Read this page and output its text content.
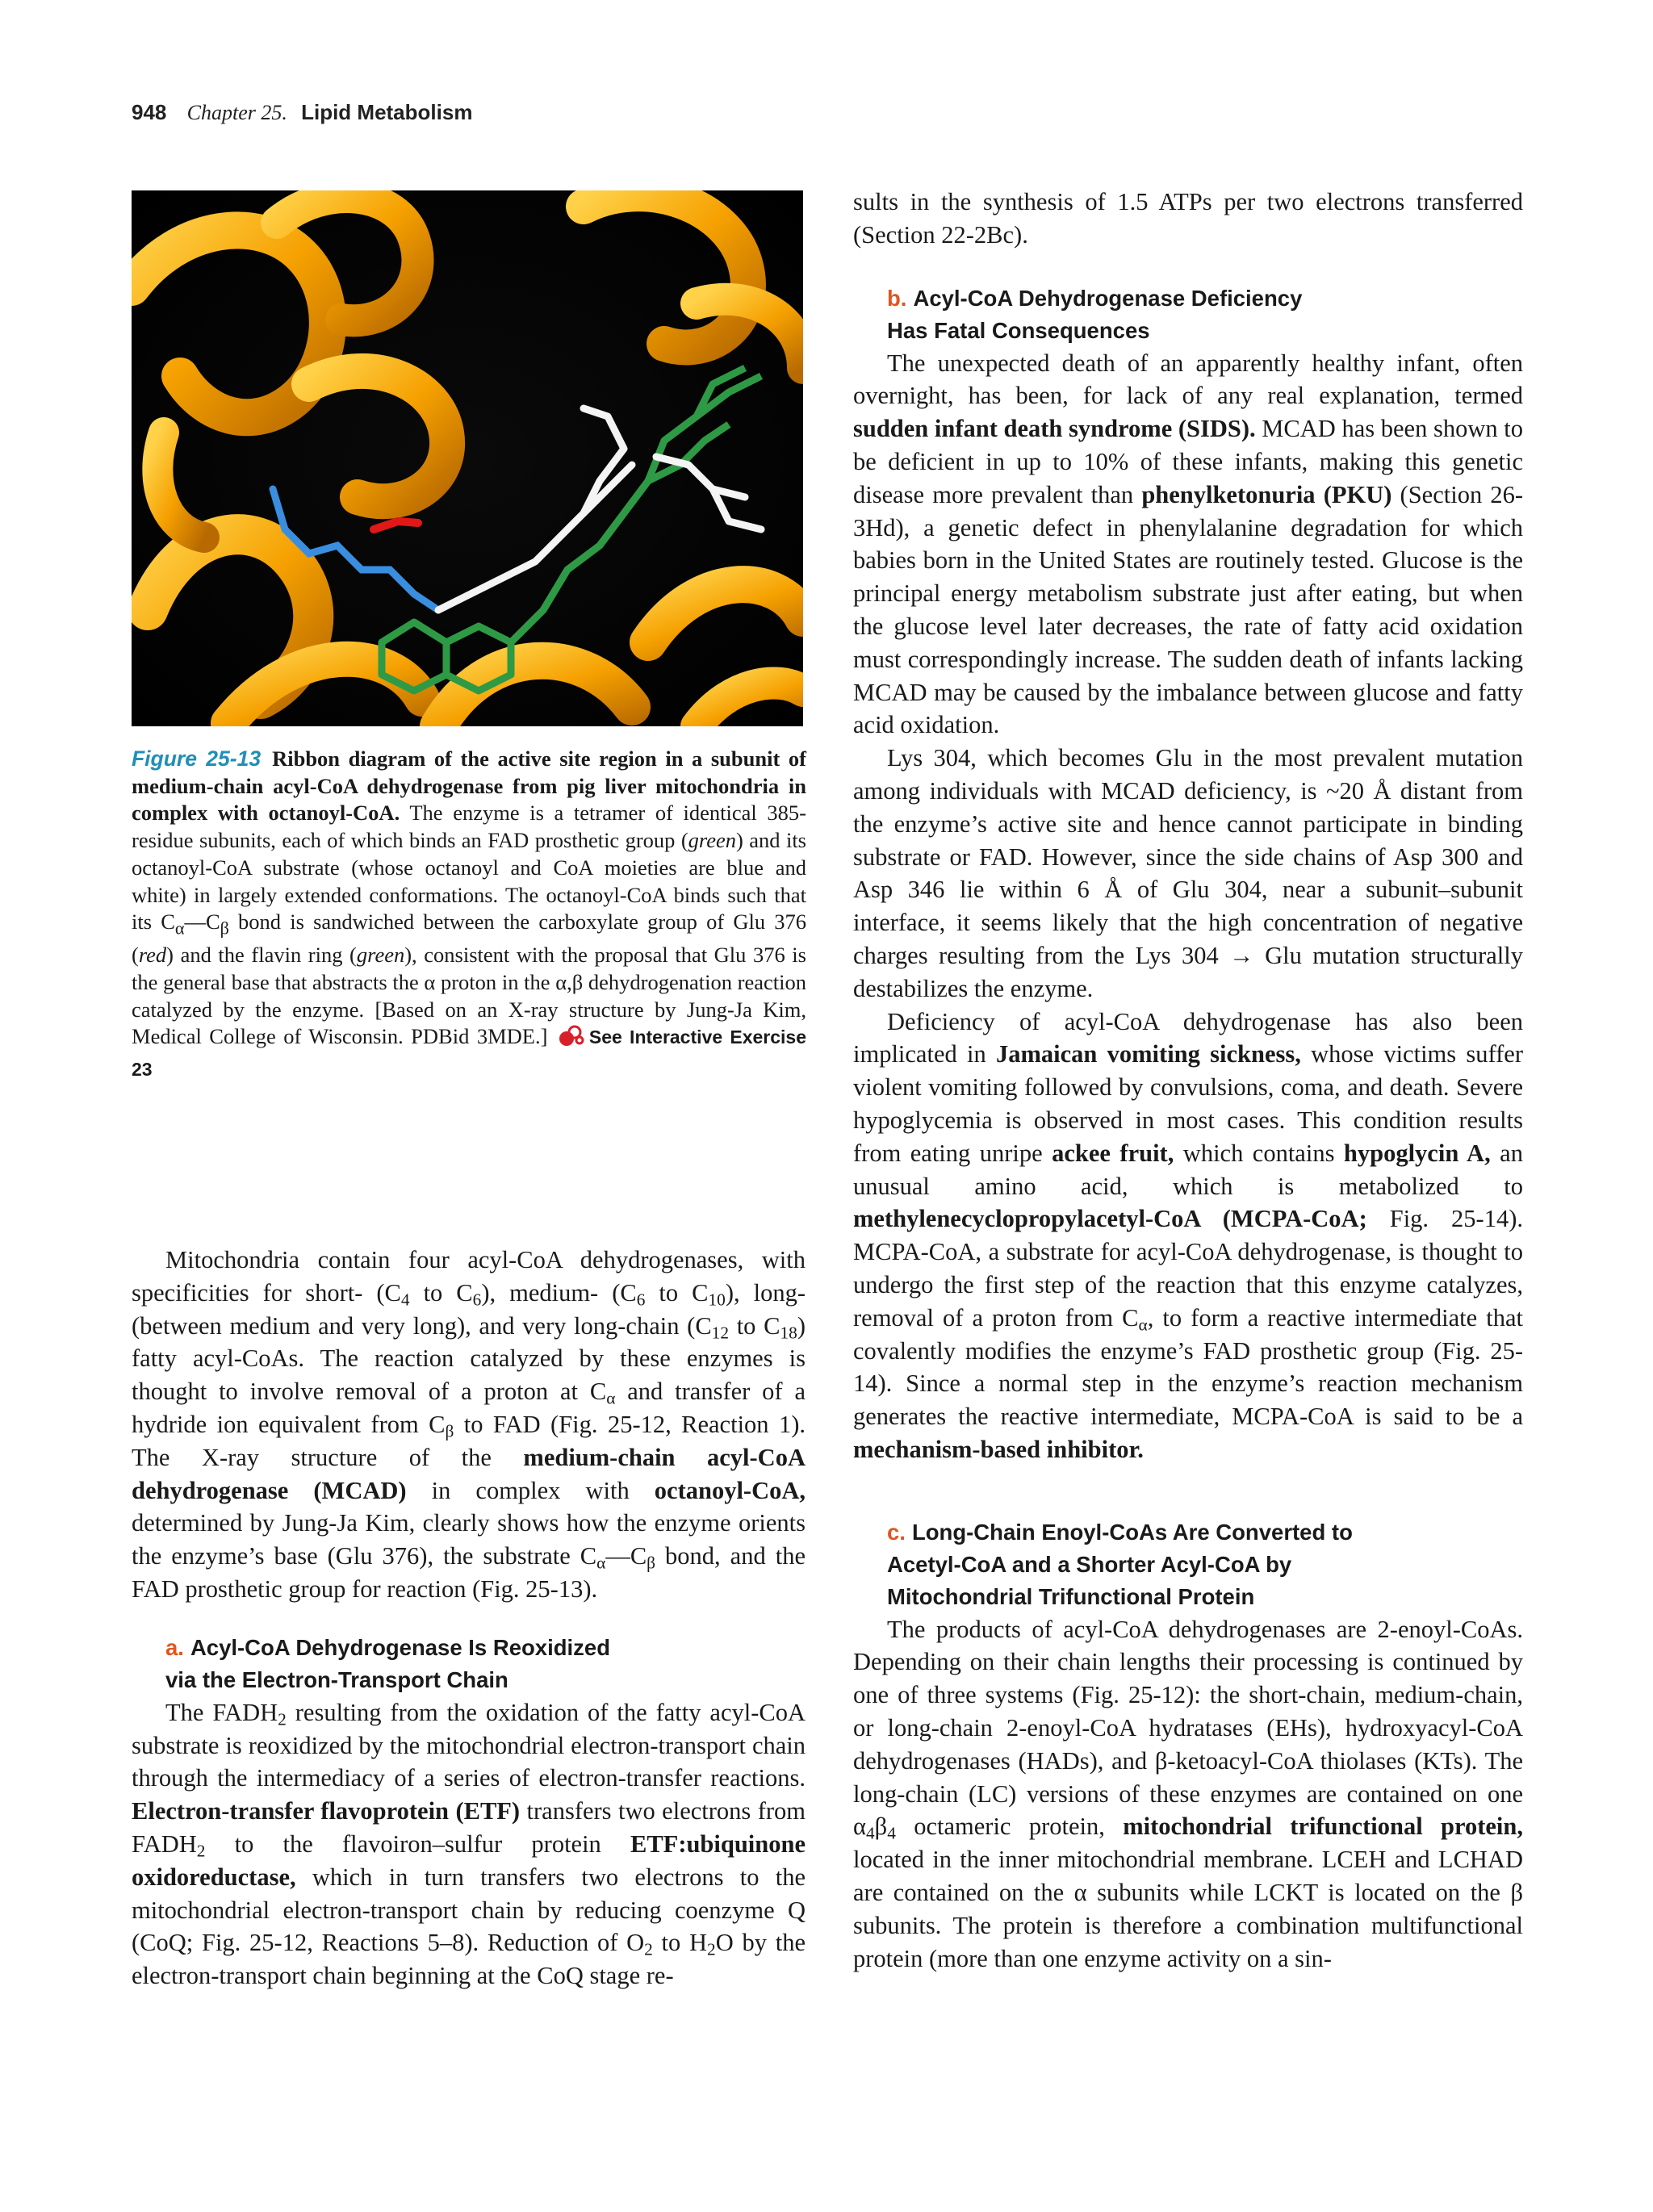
948 Chapter 25. Lipid Metabolism
Figure 25-13 Ribbon diagram of the active site region in a subunit of medium-chain acyl-CoA dehydrogenase from pig liver mitochondria in complex with octanoyl-CoA. The enzyme is a tetramer of identical 385-residue subunits, each of which binds an FAD prosthetic group (green) and its octanoyl-CoA substrate (whose octanoyl and CoA moieties are blue and white) in largely extended conformations. The octanoyl-CoA binds such that its $C_\alpha—C_\beta$ bond is sandwiched between the carboxylate group of Glu 376 (red) and the flavin ring (green), consistent with the proposal that Glu 376 is the general base that abstracts the α proton in the α,β dehydrogenation reaction catalyzed by the enzyme. [Based on an X-ray structure by Jung-Ja Kim, Medical College of Wisconsin. PDBid 3MDE.] See Interactive Exercise 23

Mitochondria contain four acyl-CoA dehydrogenases, with specificities for short- ($C_4$ to $C_6$), medium- ($C_6$ to $C_{10}$), long- (between medium and very long), and very long-chain ($C_{12}$ to $C_{18}$) fatty acyl-CoAs. The reaction catalyzed by these enzymes is thought to involve removal of a proton at $C_\alpha$ and transfer of a hydride ion equivalent from $C_\beta$ to FAD (Fig. 25-12, Reaction 1). The X-ray structure of the medium-chain acyl-CoA dehydrogenase (MCAD) in complex with octanoyl-CoA, determined by Jung-Ja Kim, clearly shows how the enzyme orients the enzyme’s base (Glu 376), the substrate $C_\alpha—C_\beta$ bond, and the FAD prosthetic group for reaction (Fig. 25-13).

a. Acyl-CoA Dehydrogenase Is Reoxidized
via the Electron-Transport Chain

The $FADH_2$ resulting from the oxidation of the fatty acyl-CoA substrate is reoxidized by the mitochondrial electron-transport chain through the intermediacy of a series of electron-transfer reactions. Electron-transfer flavoprotein (ETF) transfers two electrons from $FADH_2$ to the flavoiron–sulfur protein ETF:ubiquinone oxidoreductase, which in turn transfers two electrons to the mitochondrial electron-transport chain by reducing coenzyme Q (CoQ; Fig. 25-12, Reactions 5–8). Reduction of $O_2$ to $H_2O$ by the electron-transport chain beginning at the CoQ stage re-

sults in the synthesis of 1.5 ATPs per two electrons transferred (Section 22-2Bc).

b. Acyl-CoA Dehydrogenase Deficiency
Has Fatal Consequences

The unexpected death of an apparently healthy infant, often overnight, has been, for lack of any real explanation, termed sudden infant death syndrome (SIDS). MCAD has been shown to be deficient in up to 10% of these infants, making this genetic disease more prevalent than phenylketonuria (PKU) (Section 26-3Hd), a genetic defect in phenylalanine degradation for which babies born in the United States are routinely tested. Glucose is the principal energy metabolism substrate just after eating, but when the glucose level later decreases, the rate of fatty acid oxidation must correspondingly increase. The sudden death of infants lacking MCAD may be caused by the imbalance between glucose and fatty acid oxidation.

Lys 304, which becomes Glu in the most prevalent mutation among individuals with MCAD deficiency, is ~20 Å distant from the enzyme’s active site and hence cannot participate in binding substrate or FAD. However, since the side chains of Asp 300 and Asp 346 lie within 6 Å of Glu 304, near a subunit–subunit interface, it seems likely that the high concentration of negative charges resulting from the Lys 304 → Glu mutation structurally destabilizes the enzyme.

Deficiency of acyl-CoA dehydrogenase has also been implicated in Jamaican vomiting sickness, whose victims suffer violent vomiting followed by convulsions, coma, and death. Severe hypoglycemia is observed in most cases. This condition results from eating unripe ackee fruit, which contains hypoglycin A, an unusual amino acid, which is metabolized to methylenecyclopropylacetyl-CoA (MCPA-CoA; Fig. 25-14). MCPA-CoA, a substrate for acyl-CoA dehydrogenase, is thought to undergo the first step of the reaction that this enzyme catalyzes, removal of a proton from $C_\alpha$, to form a reactive intermediate that covalently modifies the enzyme’s FAD prosthetic group (Fig. 25-14). Since a normal step in the enzyme’s reaction mechanism generates the reactive intermediate, MCPA-CoA is said to be a mechanism-based inhibitor.

c. Long-Chain Enoyl-CoAs Are Converted to
Acetyl-CoA and a Shorter Acyl-CoA by
Mitochondrial Trifunctional Protein

The products of acyl-CoA dehydrogenases are 2-enoyl-CoAs. Depending on their chain lengths their processing is continued by one of three systems (Fig. 25-12): the short-chain, medium-chain, or long-chain 2-enoyl-CoA hydratases (EHs), hydroxyacyl-CoA dehydrogenases (HADs), and β-ketoacyl-CoA thiolases (KTs). The long-chain (LC) versions of these enzymes are contained on one $\alpha_4\beta_4$ octameric protein, mitochondrial trifunctional protein, located in the inner mitochondrial membrane. LCEH and LCHAD are contained on the α subunits while LCKT is located on the β subunits. The protein is therefore a combination multifunctional protein (more than one enzyme activity on a sin-
